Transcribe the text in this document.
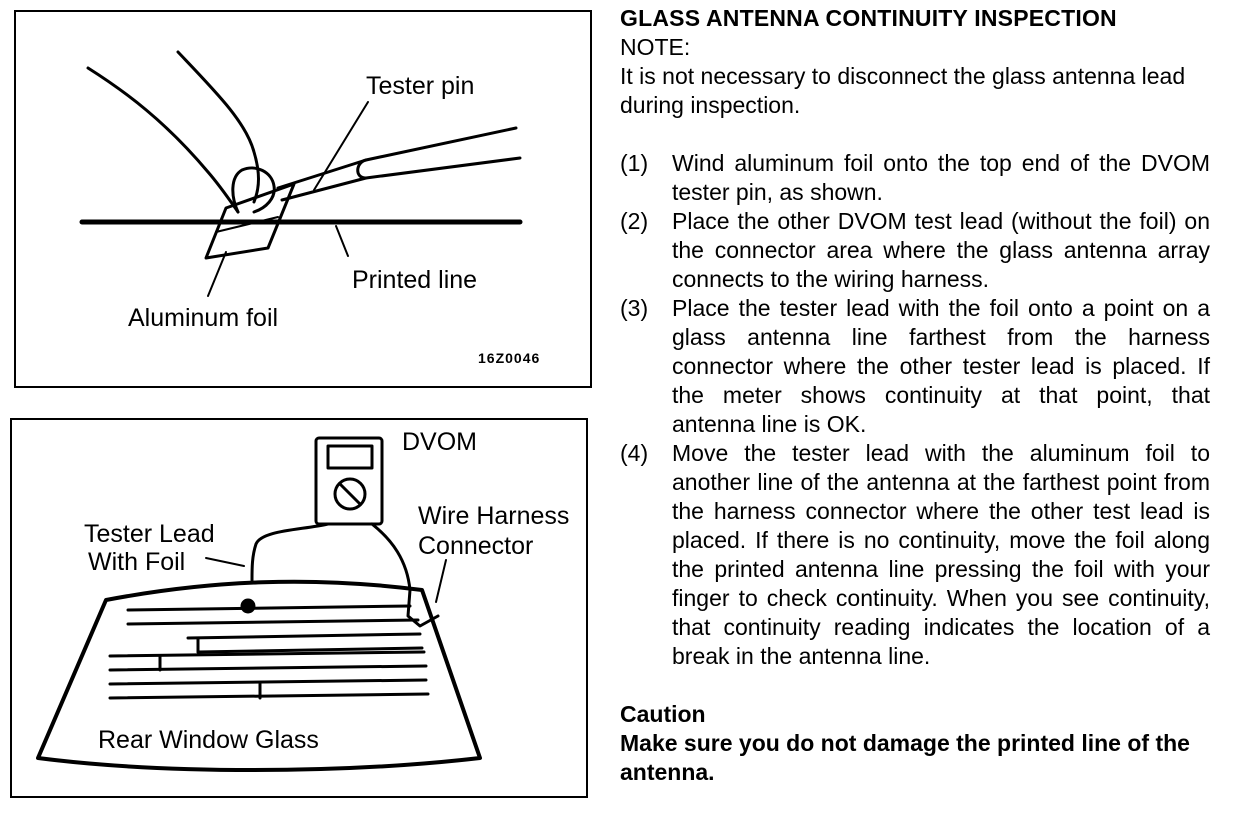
Tester pin
Printed line
Aluminum foil
16Z0046
DVOM
Wire Harness
Connector
Tester Lead
With Foil
Rear Window Glass

GLASS ANTENNA CONTINUITY INSPECTION

NOTE:

It is not necessary to disconnect the glass antenna lead during inspection.

(1)	Wind aluminum foil onto the top end of the DVOM tester pin, as shown.
(2)	Place the other DVOM test lead (without the foil) on the connector area where the glass antenna array connects to the wiring harness.
(3)	Place the tester lead with the foil onto a point on a glass antenna line farthest from the harness connector where the other tester lead is placed. If the meter shows continuity at that point, that antenna line is OK.
(4)	Move the tester lead with the aluminum foil to another line of the antenna at the farthest point from the harness connector where the other test lead is placed. If there is no continuity, move the foil along the printed antenna line pressing the foil with your finger to check continuity. When you see continuity, that continuity reading indicates the location of a break in the antenna line.

Caution

Make sure you do not damage the printed line of the antenna.
